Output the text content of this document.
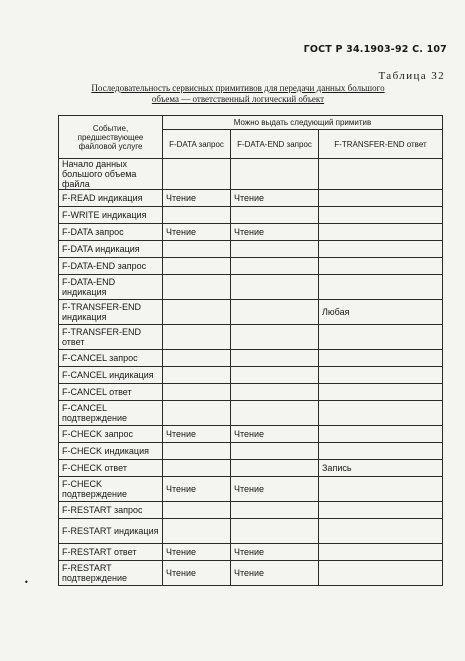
ГОСТ Р 34.1903-92 С. 107
Таблица 32
Последовательность сервисных примитивов для передачи данных большого объема — ответственный логический объект
Событие, предшествующее файловой услуге	Можно выдать следующий примитив		
	F-DATA запрос	F-DATA-END запрос	F-TRANSFER-END ответ
Начало данных большого объема файла			
F-READ индикация	Чтение	Чтение	
F-WRITE индикация			
F-DATA запрос	Чтение	Чтение	
F-DATA индикация			
F-DATA-END запрос			
F-DATA-END индикация			
F-TRANSFER-END индикация			Любая
F-TRANSFER-END ответ			
F-CANCEL запрос			
F-CANCEL индикация			
F-CANCEL ответ			
F-CANCEL подтверждение			
F-CHECK запрос	Чтение	Чтение	
F-CHECK индикация			
F-CHECK ответ			Запись
F-CHECK подтверждение	Чтение	Чтение	
F-RESTART запрос			
F-RESTART индикация			
F-RESTART ответ	Чтение	Чтение	
F-RESTART подтверждение	Чтение	Чтение	
•
